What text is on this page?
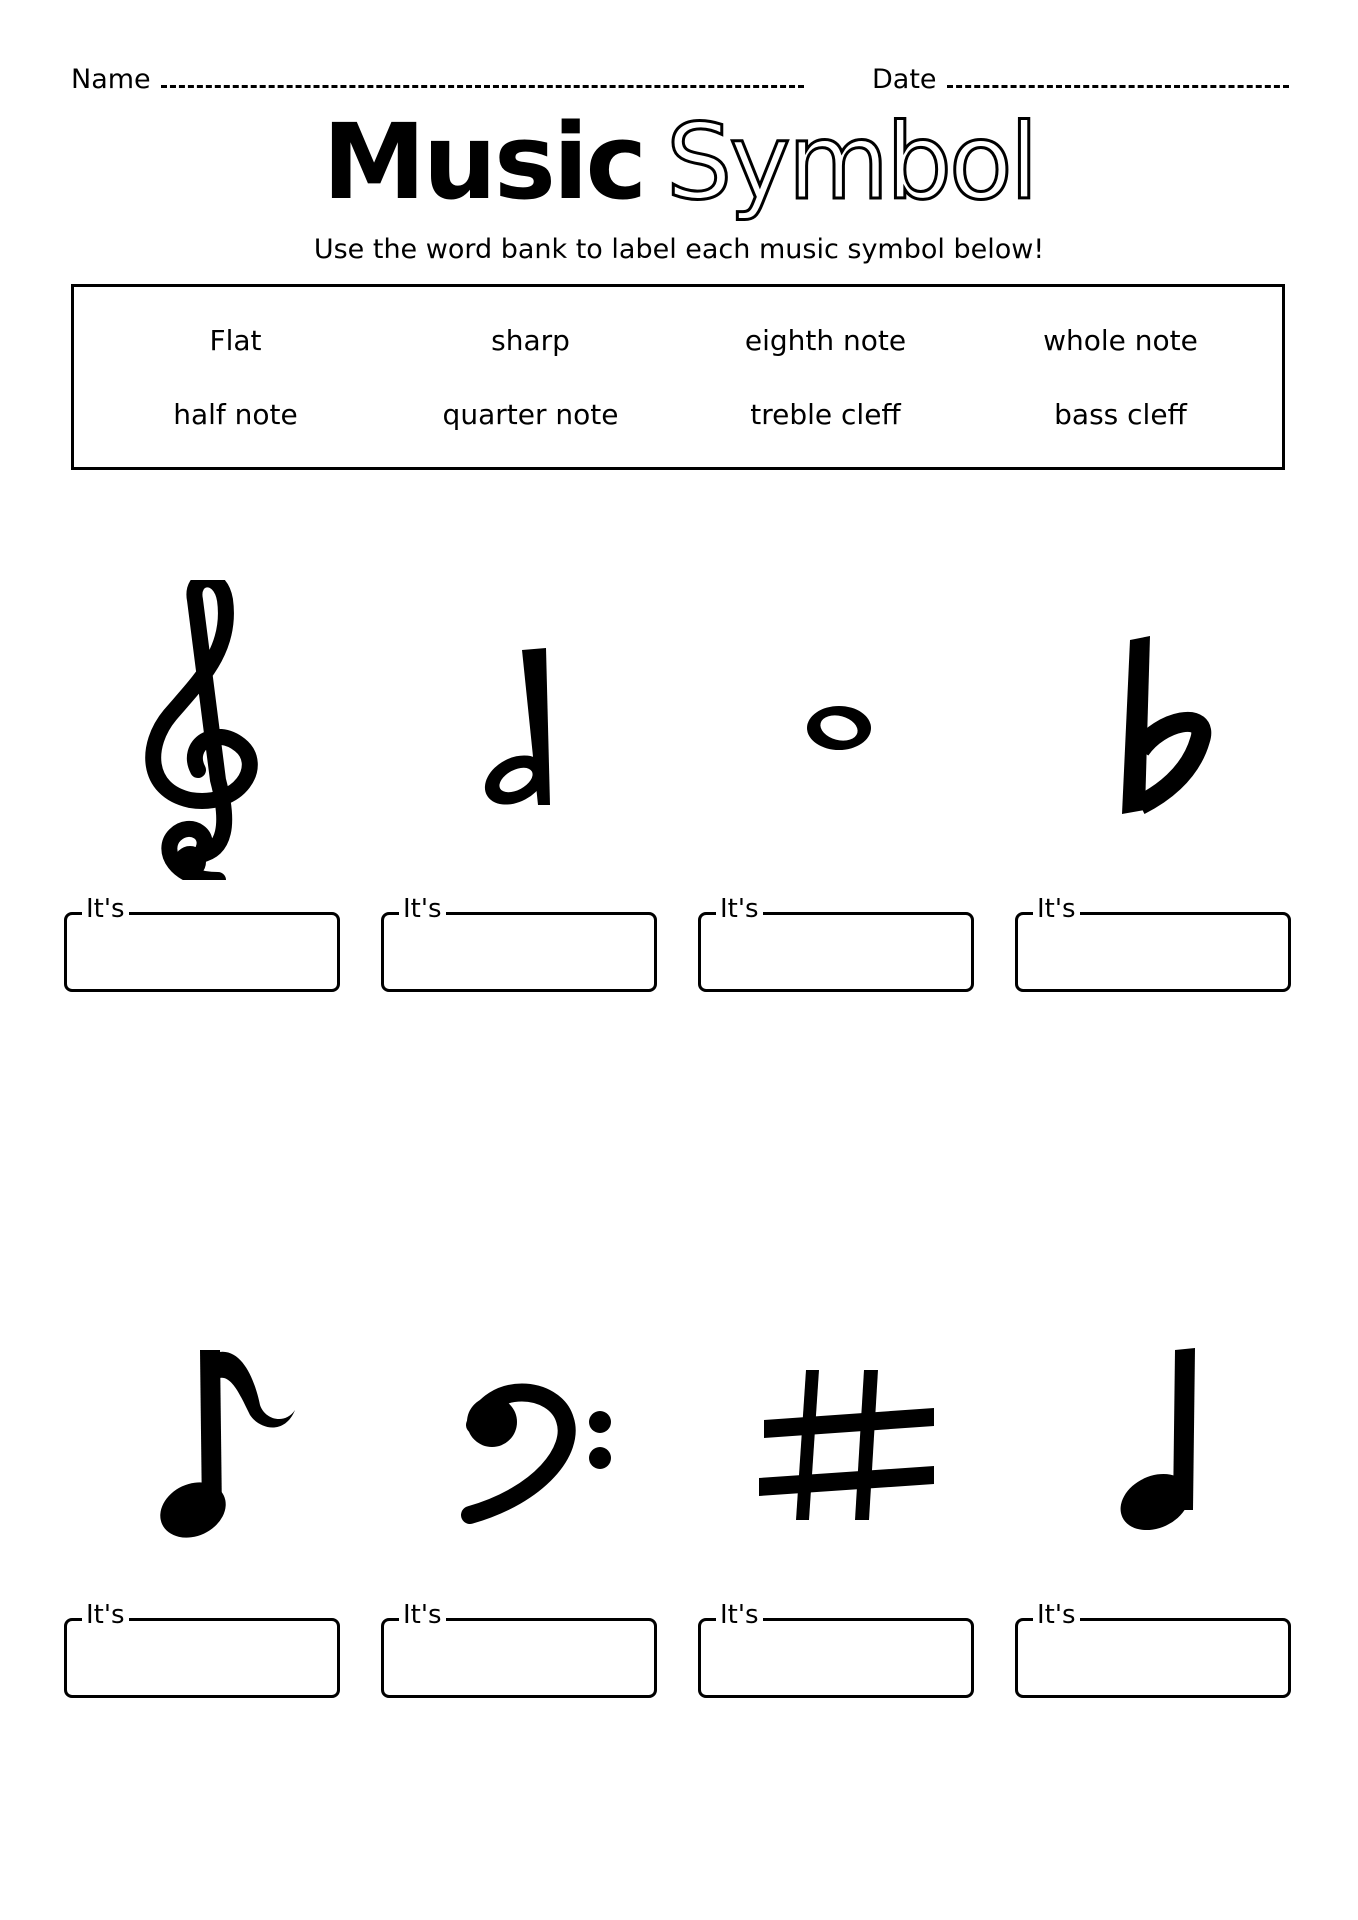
Name	Date
Music Symbol
Use the word bank to label each music symbol below!
Flat	sharp	eighth note	whole note
half note	quarter note	treble cleff	bass cleff
It's	It's	It's	It's
It's	It's	It's	It's
